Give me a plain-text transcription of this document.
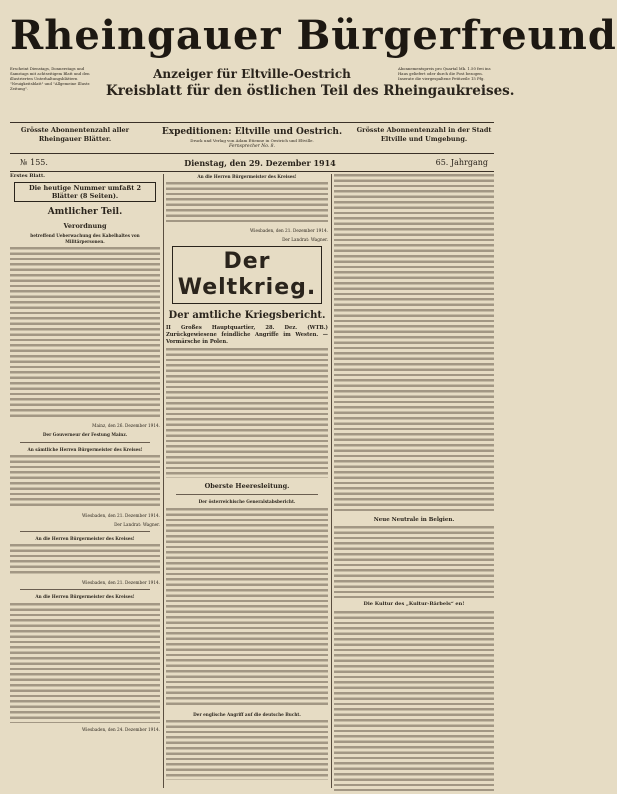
Rheingauer Bürgerfreund
Erscheint Dienstags, Donnerstags und Samstags mit achtseitigem Blatt und den illustrierten Unterhaltungsblättern "Neuigkeitsblatt" und "Allgemeine Illustr. Zeitung".
Anzeiger für Eltville-Oestrich
Kreisblatt für den östlichen Teil des Rheingaukreises.
Abonnementspreis pro Quartal Mk. 1.50 frei ins Haus geliefert oder durch die Post bezogen. Inserate die viergespaltene Petitzeile 15 Pfg.
Grösste Abonnentenzahl aller Rheingauer Blätter.
Expeditionen: Eltville und Oestrich.
Druck und Verlag von Adam Etienne in Oestrich und Eltville.
Fernsprecher No. 8.
Grösste Abonnentenzahl in der Stadt Eltville und Umgebung.
№ 155.	Dienstag, den 29. Dezember 1914	65. Jahrgang
Erstes Blatt.
Die heutige Nummer umfaßt 2 Blätter (8 Seiten).
Amtlicher Teil.
Verordnung
betreffend Ueberwachung des Kabelhaltes von Militärpersonen.
Mainz, den 26. Dezember 1914.
Der Gouverneur der Festung Mainz.
An sämtliche Herren Bürgermeister des Kreises!
Wiesbaden, den 21. Dezember 1914.
Der Landrat: Wagner.
An die Herren Bürgermeister des Kreises!
Wiesbaden, den 21. Dezember 1914.
An die Herren Bürgermeister des Kreises!
Wiesbaden, den 24. Dezember 1914.
An die Herren Bürgermeister des Kreises!
Wiesbaden, den 21. Dezember 1914.
Der Landrat: Wagner.
Der Weltkrieg.
Der amtliche Kriegsbericht.
II Großes Hauptquartier, 28. Dez. (WTB.) Zurückgewiesene feindliche Angriffe im Westen. — Vormärsche in Polen.
Oberste Heeresleitung.
Der österreichische Generalstabsbericht.
Der englische Angriff auf die deutsche Bucht.
Neue Neutrale in Belgien.
Die Kultur des „Kultur-Bärbels“ en!
